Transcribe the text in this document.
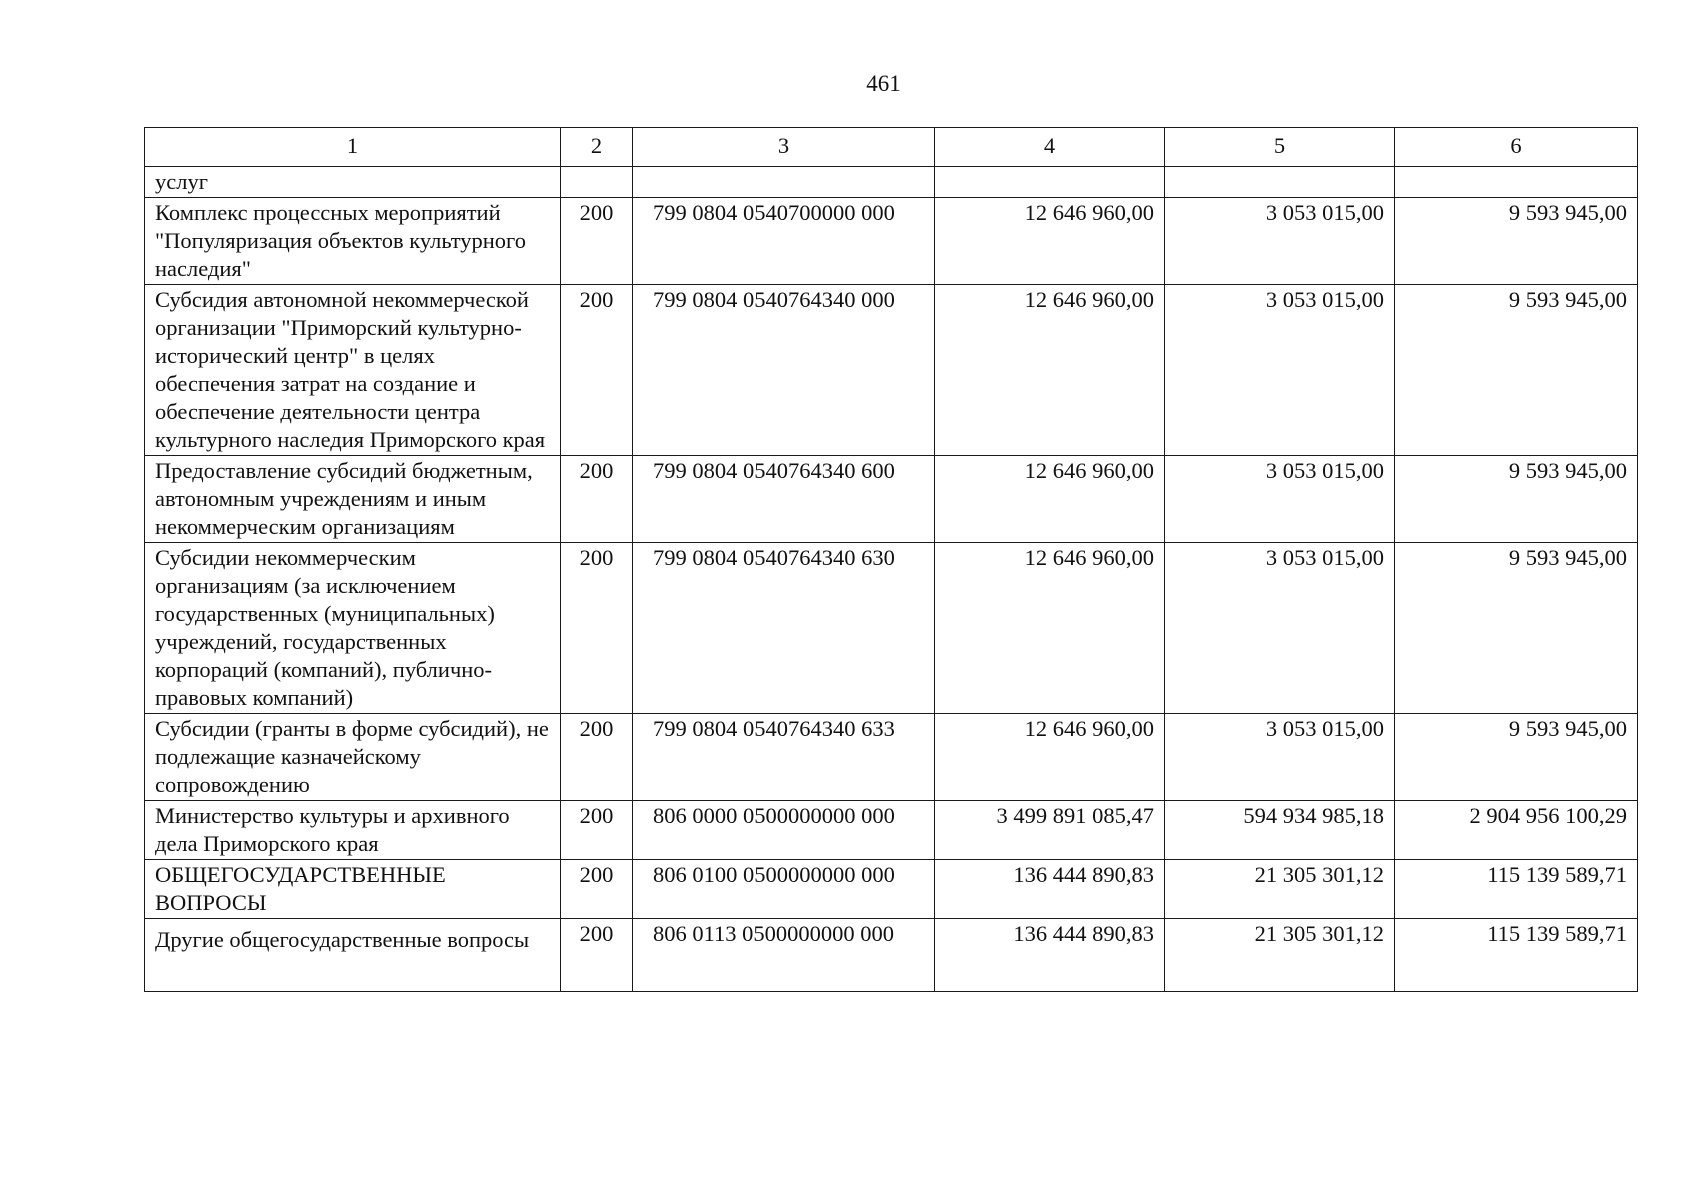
461
1	2	3	4	5	6
услуг					
Комплекс процессных мероприятий "Популяризация объектов культурного наследия"	200	799 0804 0540700000 000	12 646 960,00	3 053 015,00	9 593 945,00
Субсидия автономной некоммерческой организации "Приморский культурно-исторический центр" в целях обеспечения затрат на создание и обеспечение деятельности центра культурного наследия Приморского края	200	799 0804 0540764340 000	12 646 960,00	3 053 015,00	9 593 945,00
Предоставление субсидий бюджетным, автономным учреждениям и иным некоммерческим организациям	200	799 0804 0540764340 600	12 646 960,00	3 053 015,00	9 593 945,00
Субсидии некоммерческим организациям (за исключением государственных (муниципальных) учреждений, государственных корпораций (компаний), публично-правовых компаний)	200	799 0804 0540764340 630	12 646 960,00	3 053 015,00	9 593 945,00
Субсидии (гранты в форме субсидий), не подлежащие казначейскому сопровождению	200	799 0804 0540764340 633	12 646 960,00	3 053 015,00	9 593 945,00
Министерство культуры и архивного дела Приморского края	200	806 0000 0500000000 000	3 499 891 085,47	594 934 985,18	2 904 956 100,29
ОБЩЕГОСУДАРСТВЕННЫЕ ВОПРОСЫ	200	806 0100 0500000000 000	136 444 890,83	21 305 301,12	115 139 589,71
Другие общегосударственные вопросы	200	806 0113 0500000000 000	136 444 890,83	21 305 301,12	115 139 589,71
